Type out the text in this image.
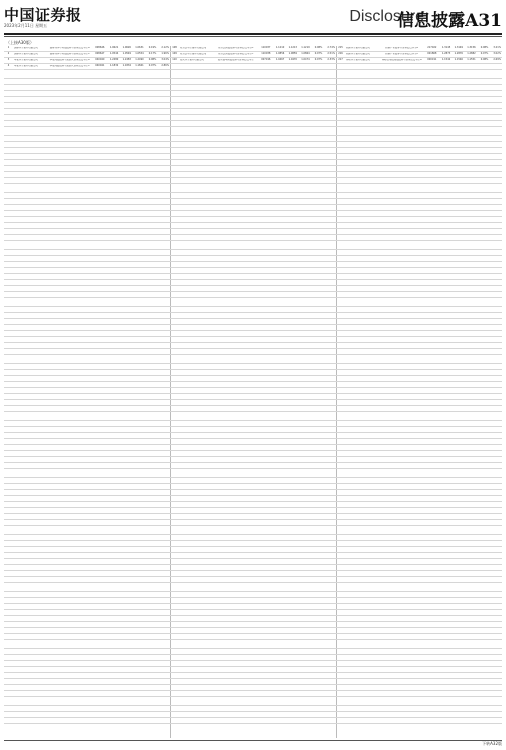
中国证券报
2023年2月11日 星期五
Disclosure
信息披露A31
（上接A30版）
1	国泰基金管理有限公司	国泰利享中短债债券型证券投资基金A	008646	1.0621	1.0626	1.0631	0.19%	2.12%
2	国泰基金管理有限公司	国泰利享中短债债券型证券投资基金C	008647	1.0544	1.0549	1.0554	0.17%	1.96%
3	华安基金管理有限公司	华安纯债债券型发起式证券投资基金A	040040	1.2480	1.2483	1.2490	0.08%	3.04%
4	华安基金管理有限公司	华安纯债债券型发起式证券投资基金C	040041	1.1832	1.1834	1.1841	0.07%	2.86%
108	易方达基金管理有限公司	易方达纯债债券型证券投资基金A	110037	1.1210	1.1213	1.1219	0.08%	2.74%
109	易方达基金管理有限公司	易方达纯债债券型证券投资基金C	110038	1.0856	1.0859	1.0864	0.07%	2.51%
110	嘉实基金管理有限公司	嘉实稳华纯债债券型证券投资基金	007196	1.0467	1.0470	1.0474	0.07%	2.33%
215	招商基金管理有限公司	招商产业债券型证券投资基金A	217022	1.3145	1.3149	1.3156	0.08%	3.21%
216	招商基金管理有限公司	招商产业债券型证券投资基金C	001868	1.2873	1.2876	1.2882	0.07%	3.02%
217	博时基金管理有限公司	博时信用债纯债债券型证券投资基金A	000191	1.1542	1.1546	1.1551	0.08%	2.69%
下转A32版
